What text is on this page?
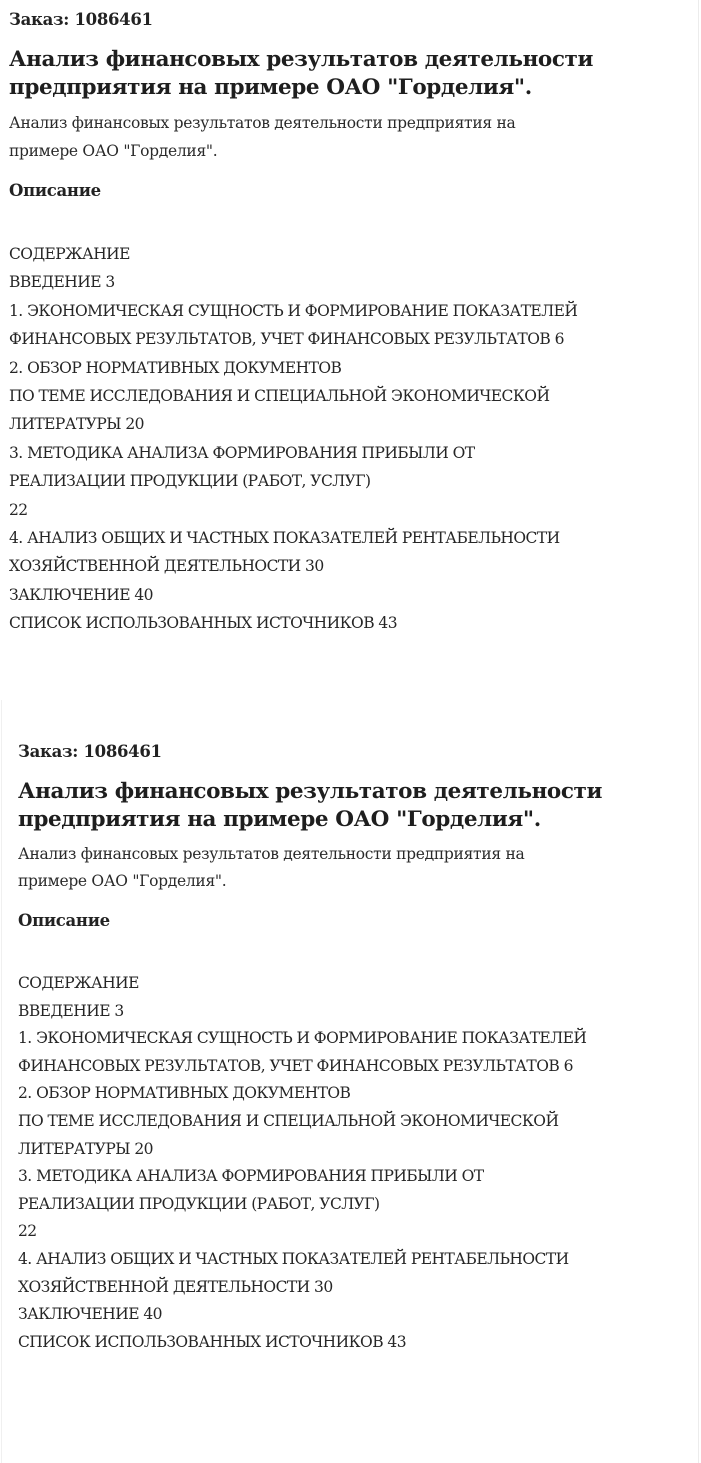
Заказ: 1086461

Анализ финансовых результатов деятельности
предприятия на примере ОАО "Горделия".

Анализ финансовых результатов деятельности предприятия на
примере ОАО "Горделия".

Описание

СОДЕРЖАНИЕ
ВВЕДЕНИЕ 3
1. ЭКОНОМИЧЕСКАЯ СУЩНОСТЬ И ФОРМИРОВАНИЕ ПОКАЗАТЕЛЕЙ
ФИНАНСОВЫХ РЕЗУЛЬТАТОВ, УЧЕТ ФИНАНСОВЫХ РЕЗУЛЬТАТОВ 6
2. ОБЗОР НОРМАТИВНЫХ ДОКУМЕНТОВ
ПО ТЕМЕ ИССЛЕДОВАНИЯ И СПЕЦИАЛЬНОЙ ЭКОНОМИЧЕСКОЙ
ЛИТЕРАТУРЫ 20
3. МЕТОДИКА АНАЛИЗА ФОРМИРОВАНИЯ ПРИБЫЛИ ОТ
РЕАЛИЗАЦИИ ПРОДУКЦИИ (РАБОТ, УСЛУГ)
22
4. АНАЛИЗ ОБЩИХ И ЧАСТНЫХ ПОКАЗАТЕЛЕЙ РЕНТАБЕЛЬНОСТИ
ХОЗЯЙСТВЕННОЙ ДЕЯТЕЛЬНОСТИ 30
ЗАКЛЮЧЕНИЕ 40
СПИСОК ИСПОЛЬЗОВАННЫХ ИСТОЧНИКОВ 43

Заказ: 1086461

Анализ финансовых результатов деятельности
предприятия на примере ОАО "Горделия".

Анализ финансовых результатов деятельности предприятия на
примере ОАО "Горделия".

Описание

СОДЕРЖАНИЕ
ВВЕДЕНИЕ 3
1. ЭКОНОМИЧЕСКАЯ СУЩНОСТЬ И ФОРМИРОВАНИЕ ПОКАЗАТЕЛЕЙ
ФИНАНСОВЫХ РЕЗУЛЬТАТОВ, УЧЕТ ФИНАНСОВЫХ РЕЗУЛЬТАТОВ 6
2. ОБЗОР НОРМАТИВНЫХ ДОКУМЕНТОВ
ПО ТЕМЕ ИССЛЕДОВАНИЯ И СПЕЦИАЛЬНОЙ ЭКОНОМИЧЕСКОЙ
ЛИТЕРАТУРЫ 20
3. МЕТОДИКА АНАЛИЗА ФОРМИРОВАНИЯ ПРИБЫЛИ ОТ
РЕАЛИЗАЦИИ ПРОДУКЦИИ (РАБОТ, УСЛУГ)
22
4. АНАЛИЗ ОБЩИХ И ЧАСТНЫХ ПОКАЗАТЕЛЕЙ РЕНТАБЕЛЬНОСТИ
ХОЗЯЙСТВЕННОЙ ДЕЯТЕЛЬНОСТИ 30
ЗАКЛЮЧЕНИЕ 40
СПИСОК ИСПОЛЬЗОВАННЫХ ИСТОЧНИКОВ 43
